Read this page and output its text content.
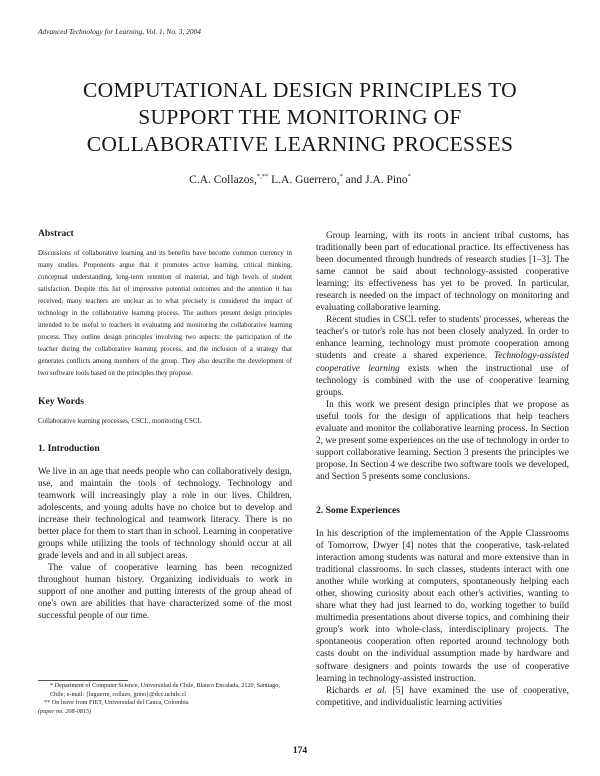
Advanced Technology for Learning, Vol. 1, No. 3, 2004
COMPUTATIONAL DESIGN PRINCIPLES TO
SUPPORT THE MONITORING OF
COLLABORATIVE LEARNING PROCESSES
C.A. Collazos,*,** L.A. Guerrero,* and J.A. Pino*
Abstract

Discussions of collaborative learning and its benefits have become common currency in many studies. Proponents argue that it promotes active learning, critical thinking, conceptual understanding, long-term retention of material, and high levels of student satisfaction. Despite this list of impressive potential outcomes and the attention it has received, many teachers are unclear as to what precisely is considered the impact of technology in the collaborative learning process. The authors present design principles intended to be useful to teachers in evaluating and monitoring the collaborative learning process. They outline design principles involving two aspects: the participation of the teacher during the collaborative learning process, and the inclusion of a strategy that generates conflicts among members of the group. They also describe the development of two software tools based on the principles they propose.

Key Words

Collaborative learning processes, CSCL, monitoring CSCL

1. Introduction

We live in an age that needs people who can collaboratively design, use, and maintain the tools of technology. Technology and teamwork will increasingly play a role in our lives. Children, adolescents, and young adults have no choice but to develop and increase their technological and teamwork literacy. There is no better place for them to start than in school. Learning in cooperative groups while utilizing the tools of technology should occur at all grade levels and and in all subject areas.

The value of cooperative learning has been recognized throughout human history. Organizing individuals to work in support of one another and putting interests of the group ahead of one's own are abilities that have characterized some of the most successful people of our time.

* Department of Computer Science, Universidad de Chile, Blanco Encalada, 2120, Santiago, Chile; e-mail: {luguerre, collazo, jpino}@dcc.uchile.cl
** On leave from FIET, Universidad del Cauca, Colombia
(paper no. 208-0815)

Group learning, with its roots in ancient tribal customs, has traditionally been part of educational practice. Its effectiveness has been documented through hundreds of research studies [1–3]. The same cannot be said about technology-assisted cooperative learning; its effectiveness has yet to be proved. In particular, research is needed on the impact of technology on monitoring and evaluating collaborative learning.

Recent studies in CSCL refer to students' processes, whereas the teacher's or tutor's role has not been closely analyzed. In order to enhance learning, technology must promote cooperation among students and create a shared experience. Technology-assisted cooperative learning exists when the instructional use of technology is combined with the use of cooperative learning groups.

In this work we present design principles that we propose as useful tools for the design of applications that help teachers evaluate and monitor the collaborative learning process. In Section 2, we present some experiences on the use of technology in order to support collaborative learning. Section 3 presents the principles we propose. In Section 4 we describe two software tools we developed, and Section 5 presents some conclusions.

2. Some Experiences

In his description of the implementation of the Apple Classrooms of Tomorrow, Dwyer [4] notes that the cooperative, task-related interaction among students was natural and more extensive than in traditional classrooms. In such classes, students interact with one another while working at computers, spontaneously helping each other, showing curiosity about each other's activities, wanting to share what they had just learned to do, working together to build multimedia presentations about diverse topics, and combining their group's work into whole-class, interdisciplinary projects. The spontaneous cooperation often reported around technology both casts doubt on the individual assumption made by hardware and software designers and points towards the use of cooperative learning in technology-assisted instruction.

Richards et al. [5] have examined the use of cooperative, competitive, and individualistic learning activities

174
